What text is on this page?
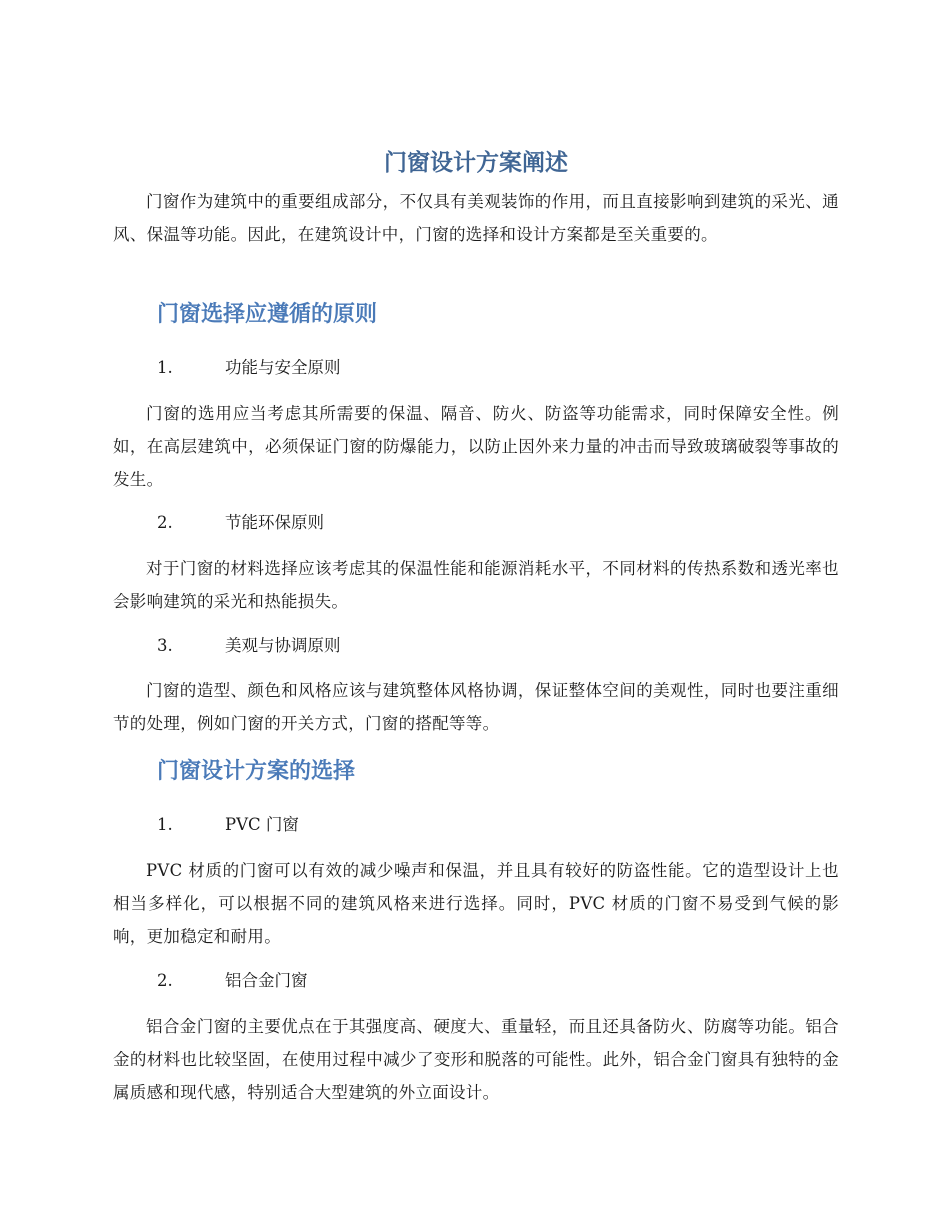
门窗设计方案阐述

门窗作为建筑中的重要组成部分，不仅具有美观装饰的作用，而且直接影响到建筑的采光、通风、保温等功能。因此，在建筑设计中，门窗的选择和设计方案都是至关重要的。

门窗选择应遵循的原则
1.	功能与安全原则

门窗的选用应当考虑其所需要的保温、隔音、防火、防盗等功能需求，同时保障安全性。例如，在高层建筑中，必须保证门窗的防爆能力，以防止因外来力量的冲击而导致玻璃破裂等事故的发生。

2.	节能环保原则

对于门窗的材料选择应该考虑其的保温性能和能源消耗水平，不同材料的传热系数和透光率也会影响建筑的采光和热能损失。

3.	美观与协调原则

门窗的造型、颜色和风格应该与建筑整体风格协调，保证整体空间的美观性，同时也要注重细节的处理，例如门窗的开关方式，门窗的搭配等等。

门窗设计方案的选择
1.	PVC 门窗

PVC 材质的门窗可以有效的减少噪声和保温，并且具有较好的防盗性能。它的造型设计上也相当多样化，可以根据不同的建筑风格来进行选择。同时，PVC 材质的门窗不易受到气候的影响，更加稳定和耐用。

2.	铝合金门窗

铝合金门窗的主要优点在于其强度高、硬度大、重量轻，而且还具备防火、防腐等功能。铝合金的材料也比较坚固，在使用过程中减少了变形和脱落的可能性。此外，铝合金门窗具有独特的金属质感和现代感，特别适合大型建筑的外立面设计。
